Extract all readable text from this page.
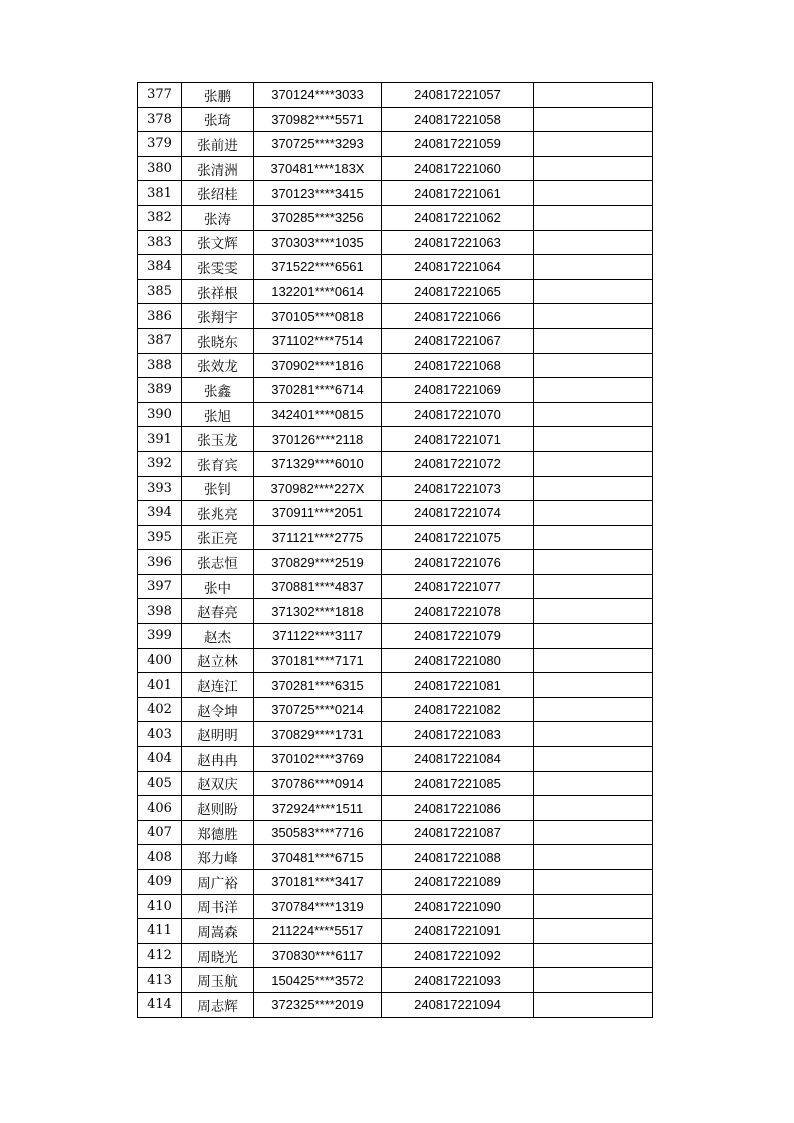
377	张鹏	370124****3033	240817221057	
378	张琦	370982****5571	240817221058	
379	张前进	370725****3293	240817221059	
380	张清洲	370481****183X	240817221060	
381	张绍桂	370123****3415	240817221061	
382	张涛	370285****3256	240817221062	
383	张文辉	370303****1035	240817221063	
384	张雯雯	371522****6561	240817221064	
385	张祥根	132201****0614	240817221065	
386	张翔宇	370105****0818	240817221066	
387	张晓东	371102****7514	240817221067	
388	张效龙	370902****1816	240817221068	
389	张鑫	370281****6714	240817221069	
390	张旭	342401****0815	240817221070	
391	张玉龙	370126****2118	240817221071	
392	张育宾	371329****6010	240817221072	
393	张钊	370982****227X	240817221073	
394	张兆亮	370911****2051	240817221074	
395	张正亮	371121****2775	240817221075	
396	张志恒	370829****2519	240817221076	
397	张中	370881****4837	240817221077	
398	赵春亮	371302****1818	240817221078	
399	赵杰	371122****3117	240817221079	
400	赵立林	370181****7171	240817221080	
401	赵连江	370281****6315	240817221081	
402	赵令坤	370725****0214	240817221082	
403	赵明明	370829****1731	240817221083	
404	赵冉冉	370102****3769	240817221084	
405	赵双庆	370786****0914	240817221085	
406	赵则盼	372924****1511	240817221086	
407	郑德胜	350583****7716	240817221087	
408	郑力峰	370481****6715	240817221088	
409	周广裕	370181****3417	240817221089	
410	周书洋	370784****1319	240817221090	
411	周嵩森	211224****5517	240817221091	
412	周晓光	370830****6117	240817221092	
413	周玉航	150425****3572	240817221093	
414	周志辉	372325****2019	240817221094	
